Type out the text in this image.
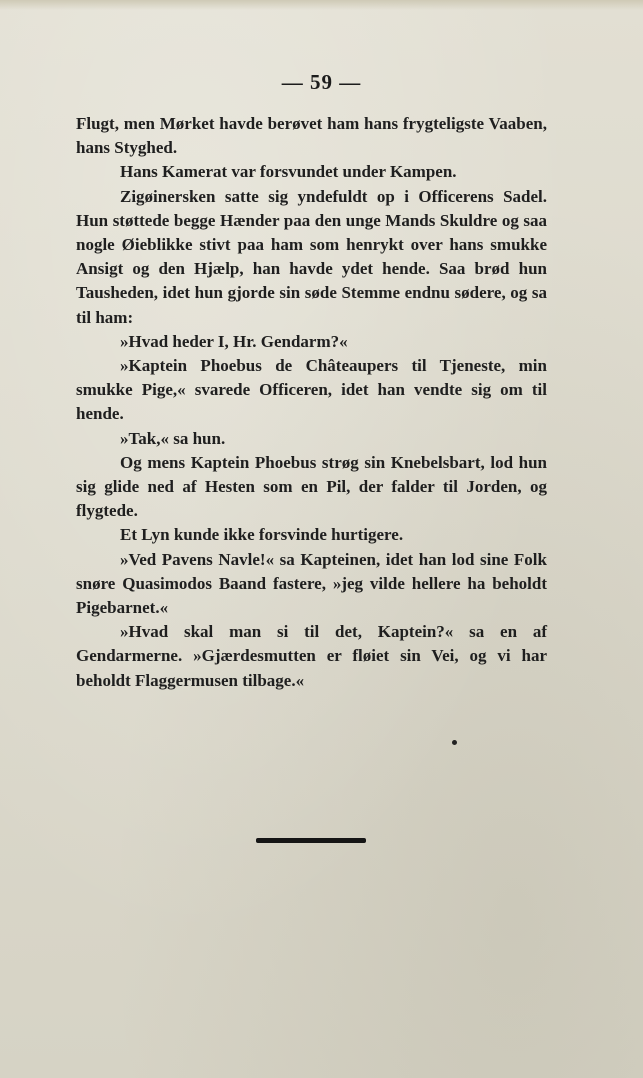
— 59 —

Flugt, men Mørket havde berøvet ham hans frygteligste Vaaben, hans Styghed.

Hans Kamerat var forsvundet under Kampen.

Zigøinersken satte sig yndefuldt op i Officerens Sadel. Hun støttede begge Hænder paa den unge Mands Skuldre og saa nogle Øieblikke stivt paa ham som henrykt over hans smukke Ansigt og den Hjælp, han havde ydet hende. Saa brød hun Tausheden, idet hun gjorde sin søde Stemme endnu sødere, og sa til ham:

»Hvad heder I, Hr. Gendarm?«

»Kaptein Phoebus de Châteaupers til Tjeneste, min smukke Pige,« svarede Officeren, idet han vendte sig om til hende.

»Tak,« sa hun.

Og mens Kaptein Phoebus strøg sin Knebelsbart, lod hun sig glide ned af Hesten som en Pil, der falder til Jorden, og flygtede.

Et Lyn kunde ikke forsvinde hurtigere.

»Ved Pavens Navle!« sa Kapteinen, idet han lod sine Folk snøre Quasimodos Baand fastere, »jeg vilde hellere ha beholdt Pigebarnet.«

»Hvad skal man si til det, Kaptein?« sa en af Gendarmerne. »Gjærdesmutten er fløiet sin Vei, og vi har beholdt Flaggermusen tilbage.«
